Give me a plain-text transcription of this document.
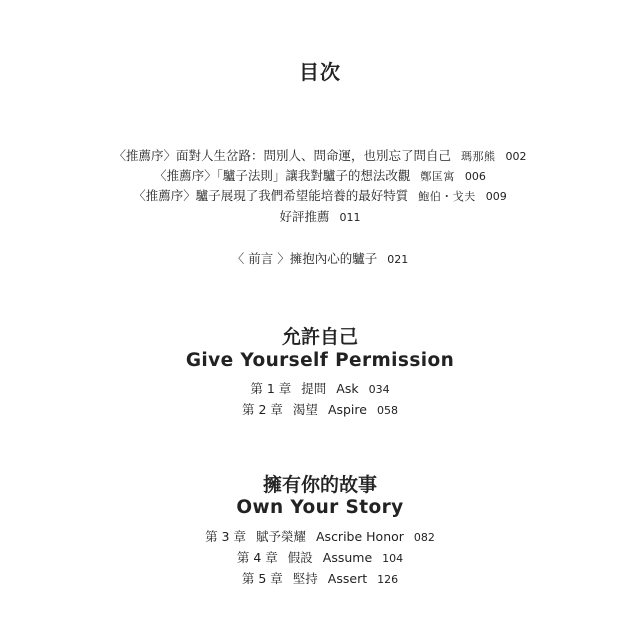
目次
〈推薦序〉面對人生岔路：問別人、問命運，也別忘了問自己 瑪那熊 002
〈推薦序〉「驢子法則」讓我對驢子的想法改觀 鄭匡寓 006
〈推薦序〉驢子展現了我們希望能培養的最好特質 鮑伯・戈夫 009
好評推薦 011
〈 前言 〉擁抱內心的驢子 021
允許自己
Give Yourself Permission
第 1 章 提問 Ask 034
第 2 章 渴望 Aspire 058
擁有你的故事
Own Your Story
第 3 章 賦予榮耀 Ascribe Honor 082
第 4 章 假設 Assume 104
第 5 章 堅持 Assert 126
